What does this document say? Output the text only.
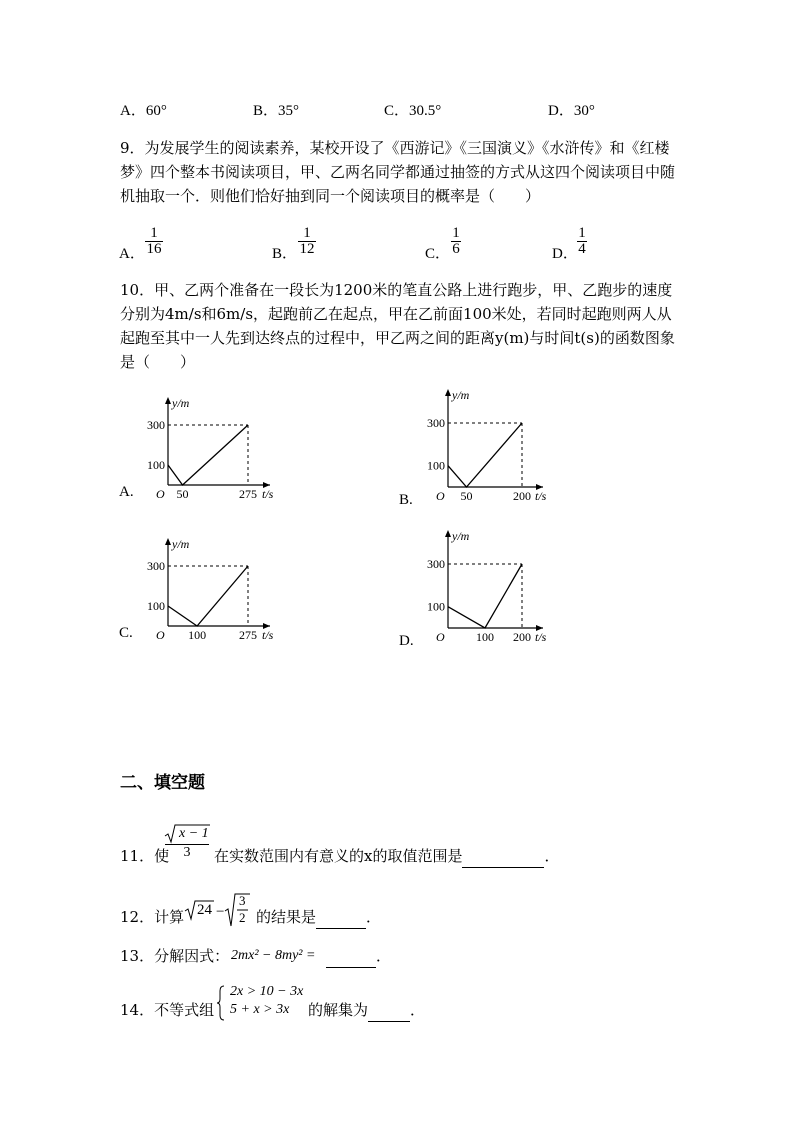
A．60°	B．35°	C．30.5°	D．30°
9．为发展学生的阅读素养，某校开设了《西游记》《三国演义》《水浒传》和《红楼梦》四个整本书阅读项目，甲、乙两名同学都通过抽签的方式从这四个阅读项目中随机抽取一个．则他们恰好抽到同一个阅读项目的概率是（　　）
A．
1
16	B．
1
12	C．
1
6	D．
1
4
10．甲、乙两个准备在一段长为1200米的笔直公路上进行跑步，甲、乙跑步的速度分别为4m/s和6m/s，起跑前乙在起点，甲在乙前面100米处，若同时起跑则两人从起跑至其中一人先到达终点的过程中，甲乙两之间的距离y(m)与时间t(s)的函数图象是（　　）
A.
y/m
t/s
O
100
300
50	275	B.
y/m
t/s
O
100
300
50	200
C.
y/m
t/s
O
100
300
100	275	D.
y/m
t/s
O
100
300
100 200
二、填空题
11．使
x − 1
3	在实数范围内有意义的x的取值范围是	．
12．计算 24 −
3
2 的结果是	．
13．分解因式： 2mx² − 8my² =	．
14．不等式组
2x > 10 − 3x
5 + x > 3x 的解集为	．
